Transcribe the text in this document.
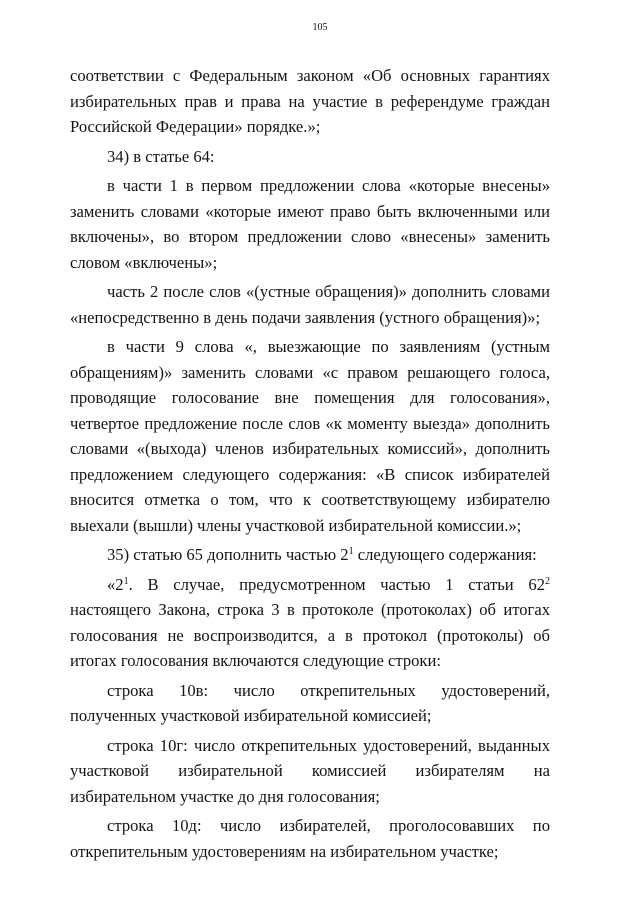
105

соответствии с Федеральным законом «Об основных гарантиях избирательных прав и права на участие в референдуме граждан Российской Федерации» порядке.»;

34) в статье 64:

в части 1 в первом предложении слова «которые внесены» заменить словами «которые имеют право быть включенными или включены», во втором предложении слово «внесены» заменить словом «включены»;

часть 2 после слов «(устные обращения)» дополнить словами «непосредственно в день подачи заявления (устного обращения)»;

в части 9 слова «, выезжающие по заявлениям (устным обращениям)» заменить словами «с правом решающего голоса, проводящие голосование вне помещения для голосования», четвертое предложение после слов «к моменту выезда» дополнить словами «(выхода) членов избирательных комиссий», дополнить предложением следующего содержания: «В список избирателей вносится отметка о том, что к соответствующему избирателю выехали (вышли) члены участковой избирательной комиссии.»;

35) статью 65 дополнить частью $2^1$ следующего содержания:

«$2^1$. В случае, предусмотренном частью 1 статьи $62^2$ настоящего Закона, строка 3 в протоколе (протоколах) об итогах голосования не воспроизводится, а в протокол (протоколы) об итогах голосования включаются следующие строки:

строка 10в: число открепительных удостоверений, полученных участковой избирательной комиссией;

строка 10г: число открепительных удостоверений, выданных участковой избирательной комиссией избирателям на избирательном участке до дня голосования;

строка 10д: число избирателей, проголосовавших по открепительным удостоверениям на избирательном участке;
